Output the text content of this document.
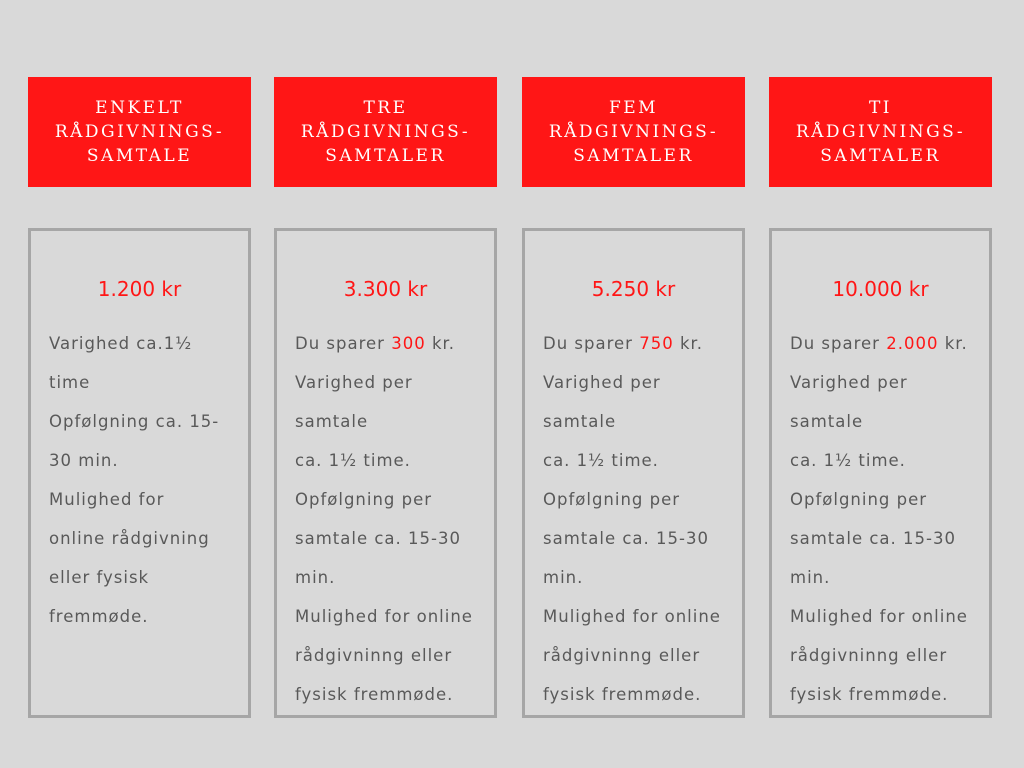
ENKELT
RÅDGIVNINGS-
SAMTALE

1.200 kr

Varighed ca.1½

time

Opfølgning ca. 15-

30 min.

Mulighed for

online rådgivning

eller fysisk

fremmøde.

TRE
RÅDGIVNINGS-
SAMTALER

3.300 kr

Du sparer 300 kr.

Varighed per samtale

ca. 1½ time.

Opfølgning per

samtale ca. 15-30

min.

Mulighed for online

rådgivninng eller

fysisk fremmøde.

FEM
RÅDGIVNINGS-
SAMTALER

5.250 kr

Du sparer 750 kr.

Varighed per samtale

ca. 1½ time.

Opfølgning per

samtale ca. 15-30

min.

Mulighed for online

rådgivninng eller

fysisk fremmøde.

TI
RÅDGIVNINGS-
SAMTALER

10.000 kr

Du sparer 2.000 kr.

Varighed per samtale

ca. 1½ time.

Opfølgning per

samtale ca. 15-30

min.

Mulighed for online

rådgivninng eller

fysisk fremmøde.
